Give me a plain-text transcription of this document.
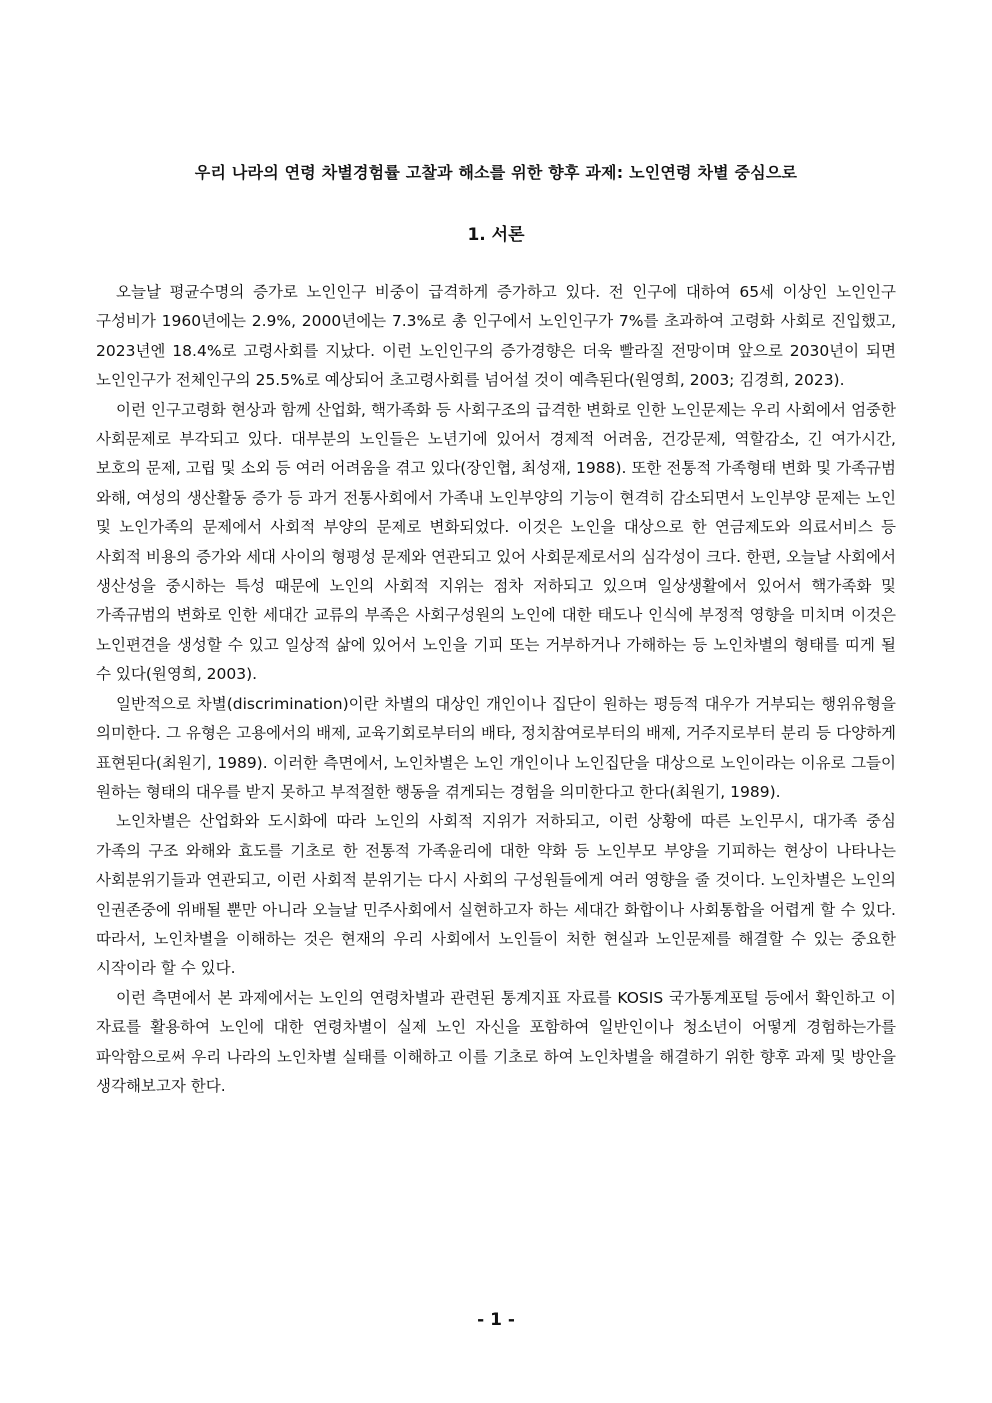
우리 나라의 연령 차별경험률 고찰과 해소를 위한 향후 과제: 노인연령 차별 중심으로
1. 서론

오늘날 평균수명의 증가로 노인인구 비중이 급격하게 증가하고 있다. 전 인구에 대하여 65세 이상인 노인인구 구성비가 1960년에는 2.9%, 2000년에는 7.3%로 총 인구에서 노인인구가 7%를 초과하여 고령화 사회로 진입했고, 2023년엔 18.4%로 고령사회를 지났다. 이런 노인인구의 증가경향은 더욱 빨라질 전망이며 앞으로 2030년이 되면 노인인구가 전체인구의 25.5%로 예상되어 초고령사회를 넘어설 것이 예측된다(원영희, 2003; 김경희, 2023).

이런 인구고령화 현상과 함께 산업화, 핵가족화 등 사회구조의 급격한 변화로 인한 노인문제는 우리 사회에서 엄중한 사회문제로 부각되고 있다. 대부분의 노인들은 노년기에 있어서 경제적 어려움, 건강문제, 역할감소, 긴 여가시간, 보호의 문제, 고립 및 소외 등 여러 어려움을 겪고 있다(장인협, 최성재, 1988). 또한 전통적 가족형태 변화 및 가족규범 와해, 여성의 생산활동 증가 등 과거 전통사회에서 가족내 노인부양의 기능이 현격히 감소되면서 노인부양 문제는 노인 및 노인가족의 문제에서 사회적 부양의 문제로 변화되었다. 이것은 노인을 대상으로 한 연금제도와 의료서비스 등 사회적 비용의 증가와 세대 사이의 형평성 문제와 연관되고 있어 사회문제로서의 심각성이 크다. 한편, 오늘날 사회에서 생산성을 중시하는 특성 때문에 노인의 사회적 지위는 점차 저하되고 있으며 일상생활에서 있어서 핵가족화 및 가족규범의 변화로 인한 세대간 교류의 부족은 사회구성원의 노인에 대한 태도나 인식에 부정적 영향을 미치며 이것은 노인편견을 생성할 수 있고 일상적 삶에 있어서 노인을 기피 또는 거부하거나 가해하는 등 노인차별의 형태를 띠게 될 수 있다(원영희, 2003).

일반적으로 차별(discrimination)이란 차별의 대상인 개인이나 집단이 원하는 평등적 대우가 거부되는 행위유형을 의미한다. 그 유형은 고용에서의 배제, 교육기회로부터의 배타, 정치참여로부터의 배제, 거주지로부터 분리 등 다양하게 표현된다(최원기, 1989). 이러한 측면에서, 노인차별은 노인 개인이나 노인집단을 대상으로 노인이라는 이유로 그들이 원하는 형태의 대우를 받지 못하고 부적절한 행동을 겪게되는 경험을 의미한다고 한다(최원기, 1989).

노인차별은 산업화와 도시화에 따라 노인의 사회적 지위가 저하되고, 이런 상황에 따른 노인무시, 대가족 중심 가족의 구조 와해와 효도를 기초로 한 전통적 가족윤리에 대한 약화 등 노인부모 부양을 기피하는 현상이 나타나는 사회분위기들과 연관되고, 이런 사회적 분위기는 다시 사회의 구성원들에게 여러 영향을 줄 것이다. 노인차별은 노인의 인권존중에 위배될 뿐만 아니라 오늘날 민주사회에서 실현하고자 하는 세대간 화합이나 사회통합을 어렵게 할 수 있다. 따라서, 노인차별을 이해하는 것은 현재의 우리 사회에서 노인들이 처한 현실과 노인문제를 해결할 수 있는 중요한 시작이라 할 수 있다.

이런 측면에서 본 과제에서는 노인의 연령차별과 관련된 통계지표 자료를 KOSIS 국가통계포털 등에서 확인하고 이 자료를 활용하여 노인에 대한 연령차별이 실제 노인 자신을 포함하여 일반인이나 청소년이 어떻게 경험하는가를 파악함으로써 우리 나라의 노인차별 실태를 이해하고 이를 기초로 하여 노인차별을 해결하기 위한 향후 과제 및 방안을 생각해보고자 한다.

- 1 -
